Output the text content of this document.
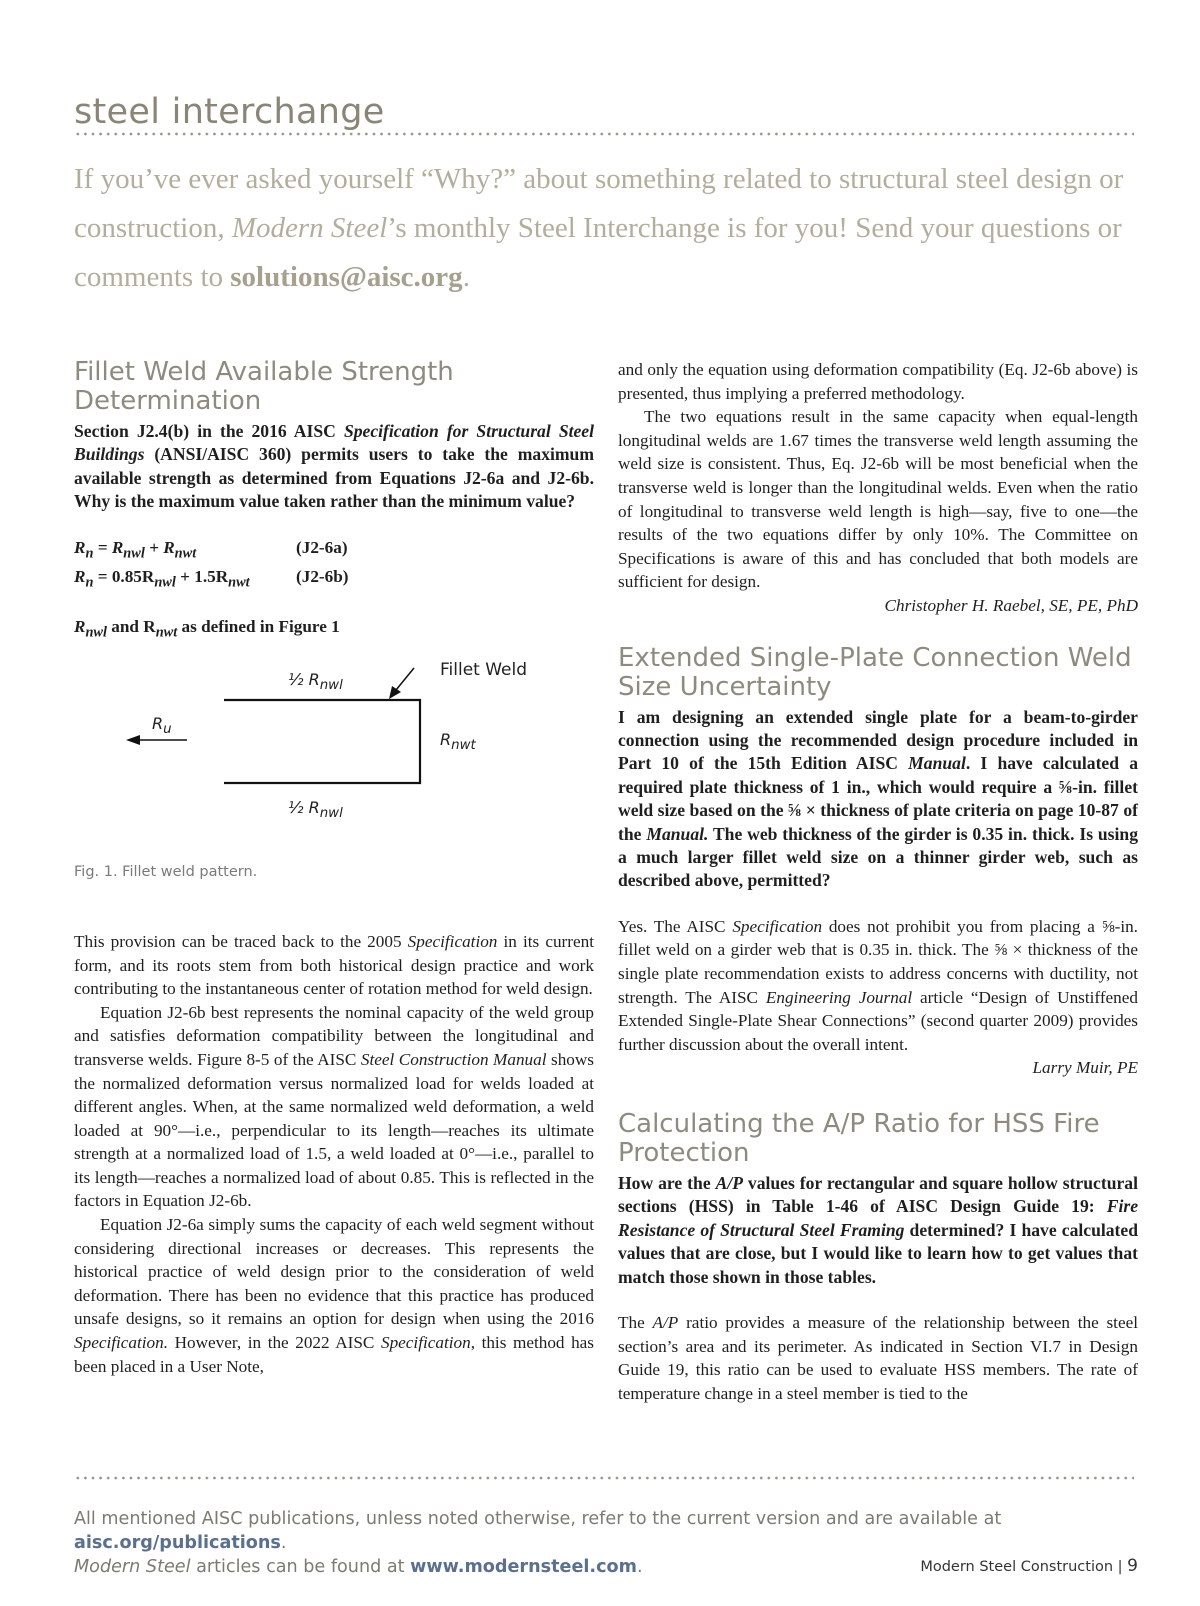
steel interchange
If you’ve ever asked yourself “Why?” about something related to structural steel design or construction, Modern Steel’s monthly Steel Interchange is for you! Send your questions or comments to solutions@aisc.org.
Fillet Weld Available Strength Determination

Section J2.4(b) in the 2016 AISC Specification for Structural Steel Buildings (ANSI/AISC 360) permits users to take the maximum available strength as determined from Equations J2-6a and J2-6b. Why is the maximum value taken rather than the minimum value?

$R_n = R_{nwl} + R_{nwt}$	(J2-6a)
$R_n = 0.85R_{nwl} + 1.5R_{nwt}$	(J2-6b)
$R_{nwl}$ and $R_{nwt}$ as defined in Figure 1
½ $R_{nwl}$
½ $R_{nwl}$
$R_{nwt}$
$R_u$
Fillet Weld
Fig. 1. Fillet weld pattern.

This provision can be traced back to the 2005 Specification in its current form, and its roots stem from both historical design practice and work contributing to the instantaneous center of rotation method for weld design.

Equation J2-6b best represents the nominal capacity of the weld group and satisfies deformation compatibility between the longitudinal and transverse welds. Figure 8-5 of the AISC Steel Construction Manual shows the normalized deformation versus normalized load for welds loaded at different angles. When, at the same normalized weld deformation, a weld loaded at 90°—i.e., perpendicular to its length—reaches its ultimate strength at a normalized load of 1.5, a weld loaded at 0°—i.e., parallel to its length—reaches a normalized load of about 0.85. This is reflected in the factors in Equation J2-6b.

Equation J2-6a simply sums the capacity of each weld segment without considering directional increases or decreases. This represents the historical practice of weld design prior to the consideration of weld deformation. There has been no evidence that this practice has produced unsafe designs, so it remains an option for design when using the 2016 Specification. However, in the 2022 AISC Specification, this method has been placed in a User Note,

and only the equation using deformation compatibility (Eq. J2-6b above) is presented, thus implying a preferred methodology.

The two equations result in the same capacity when equal-length longitudinal welds are 1.67 times the transverse weld length assuming the weld size is consistent. Thus, Eq. J2-6b will be most beneficial when the transverse weld is longer than the longitudinal welds. Even when the ratio of longitudinal to transverse weld length is high—say, five to one—the results of the two equations differ by only 10%. The Committee on Specifications is aware of this and has concluded that both models are sufficient for design.

Christopher H. Raebel, SE, PE, PhD

Extended Single-Plate Connection Weld Size Uncertainty

I am designing an extended single plate for a beam-to-girder connection using the recommended design procedure included in Part 10 of the 15th Edition AISC Manual. I have calculated a required plate thickness of 1 in., which would require a ⅝-in. fillet weld size based on the ⅝ × thickness of plate criteria on page 10-87 of the Manual. The web thickness of the girder is 0.35 in. thick. Is using a much larger fillet weld size on a thinner girder web, such as described above, permitted?

Yes. The AISC Specification does not prohibit you from placing a ⅝-in. fillet weld on a girder web that is 0.35 in. thick. The ⅝ × thickness of the single plate recommendation exists to address concerns with ductility, not strength. The AISC Engineering Journal article “Design of Unstiffened Extended Single-Plate Shear Connections” (second quarter 2009) provides further discussion about the overall intent.

Larry Muir, PE

Calculating the A/P Ratio for HSS Fire Protection

How are the A/P values for rectangular and square hollow structural sections (HSS) in Table 1-46 of AISC Design Guide 19: Fire Resistance of Structural Steel Framing determined? I have calculated values that are close, but I would like to learn how to get values that match those shown in those tables.

The A/P ratio provides a measure of the relationship between the steel section’s area and its perimeter. As indicated in Section VI.7 in Design Guide 19, this ratio can be used to evaluate HSS members. The rate of temperature change in a steel member is tied to the

All mentioned AISC publications, unless noted otherwise, refer to the current version and are available at aisc.org/publications.
Modern Steel articles can be found at www.modernsteel.com.	Modern Steel Construction | 9
